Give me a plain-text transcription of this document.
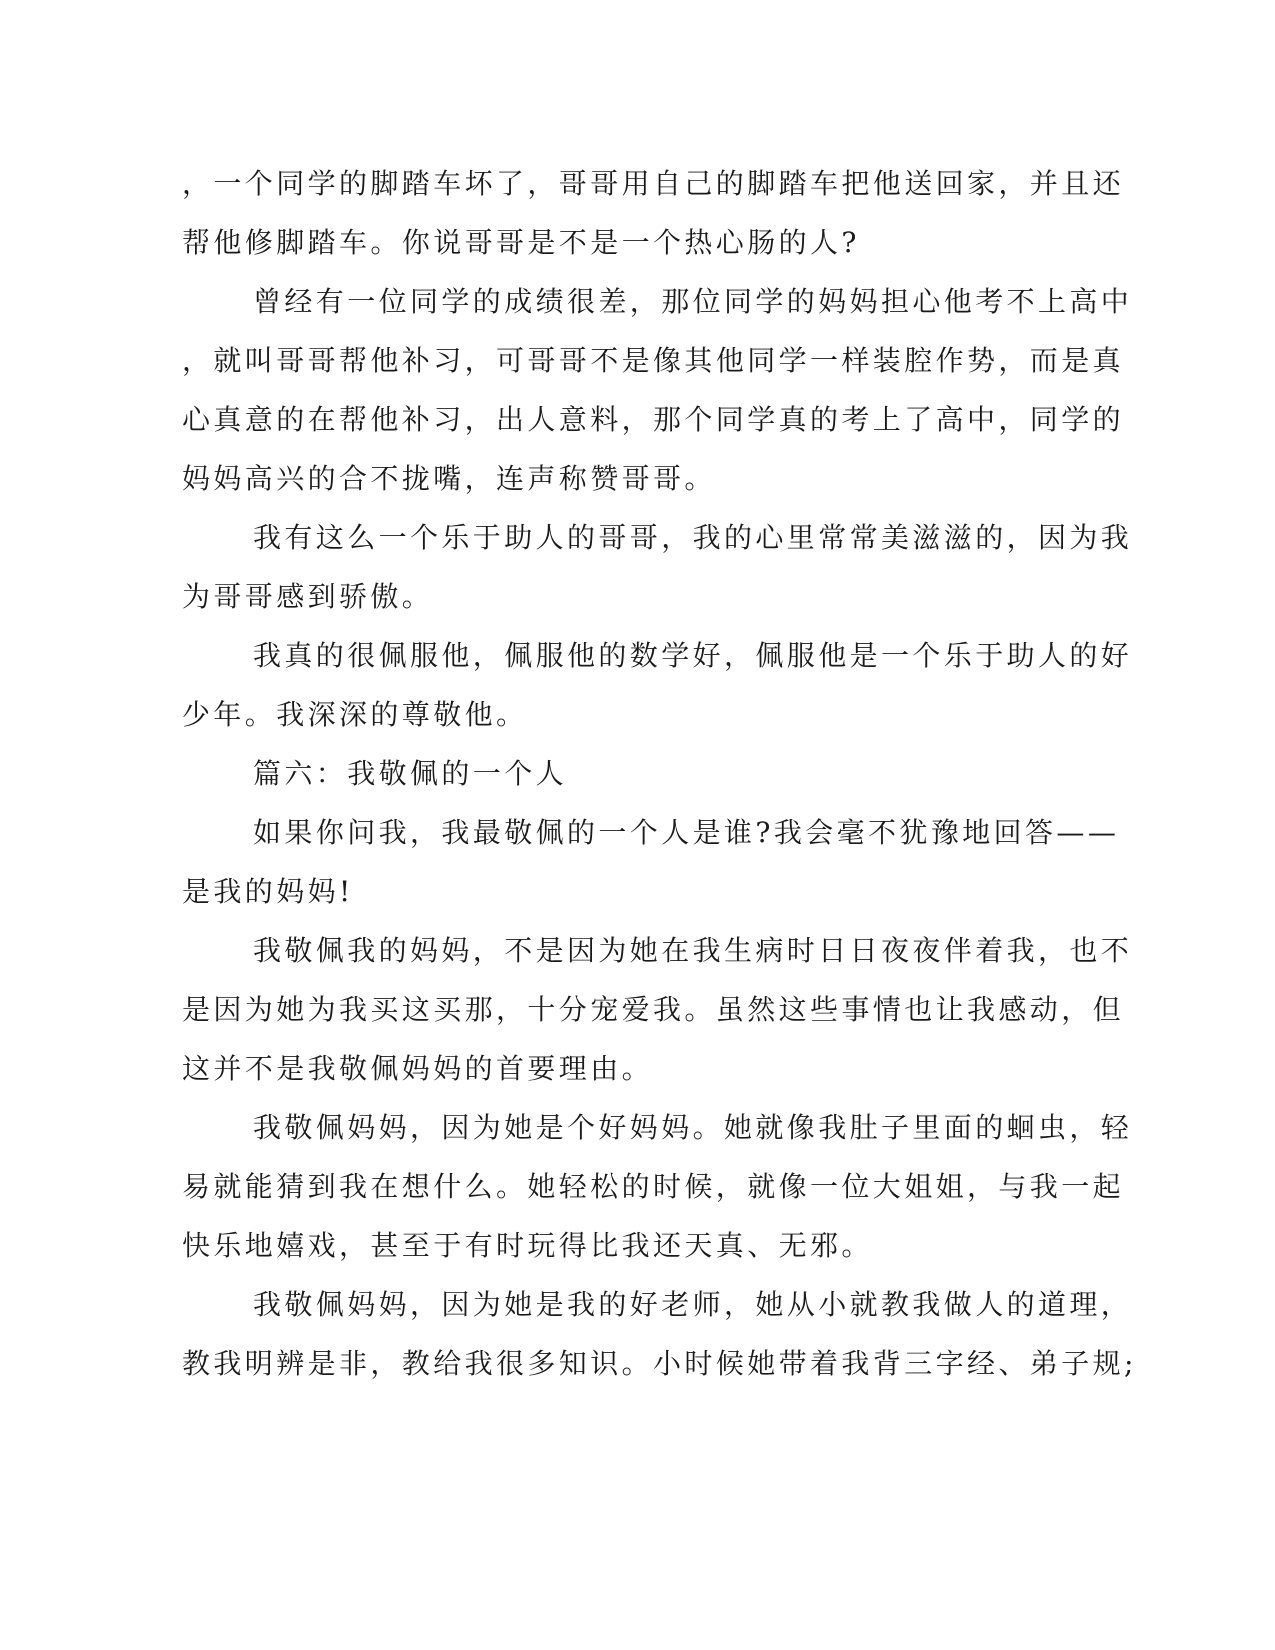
，一个同学的脚踏车坏了，哥哥用自己的脚踏车把他送回家，并且还
帮他修脚踏车。你说哥哥是不是一个热心肠的人?
曾经有一位同学的成绩很差，那位同学的妈妈担心他考不上高中
，就叫哥哥帮他补习，可哥哥不是像其他同学一样装腔作势，而是真
心真意的在帮他补习，出人意料，那个同学真的考上了高中，同学的
妈妈高兴的合不拢嘴，连声称赞哥哥。
我有这么一个乐于助人的哥哥，我的心里常常美滋滋的，因为我
为哥哥感到骄傲。
我真的很佩服他，佩服他的数学好，佩服他是一个乐于助人的好
少年。我深深的尊敬他。
篇六：我敬佩的一个人
如果你问我，我最敬佩的一个人是谁?我会毫不犹豫地回答——
是我的妈妈!
我敬佩我的妈妈，不是因为她在我生病时日日夜夜伴着我，也不
是因为她为我买这买那，十分宠爱我。虽然这些事情也让我感动，但
这并不是我敬佩妈妈的首要理由。
我敬佩妈妈，因为她是个好妈妈。她就像我肚子里面的蛔虫，轻
易就能猜到我在想什么。她轻松的时候，就像一位大姐姐，与我一起
快乐地嬉戏，甚至于有时玩得比我还天真、无邪。
我敬佩妈妈，因为她是我的好老师，她从小就教我做人的道理，
教我明辨是非，教给我很多知识。小时候她带着我背三字经、弟子规;
